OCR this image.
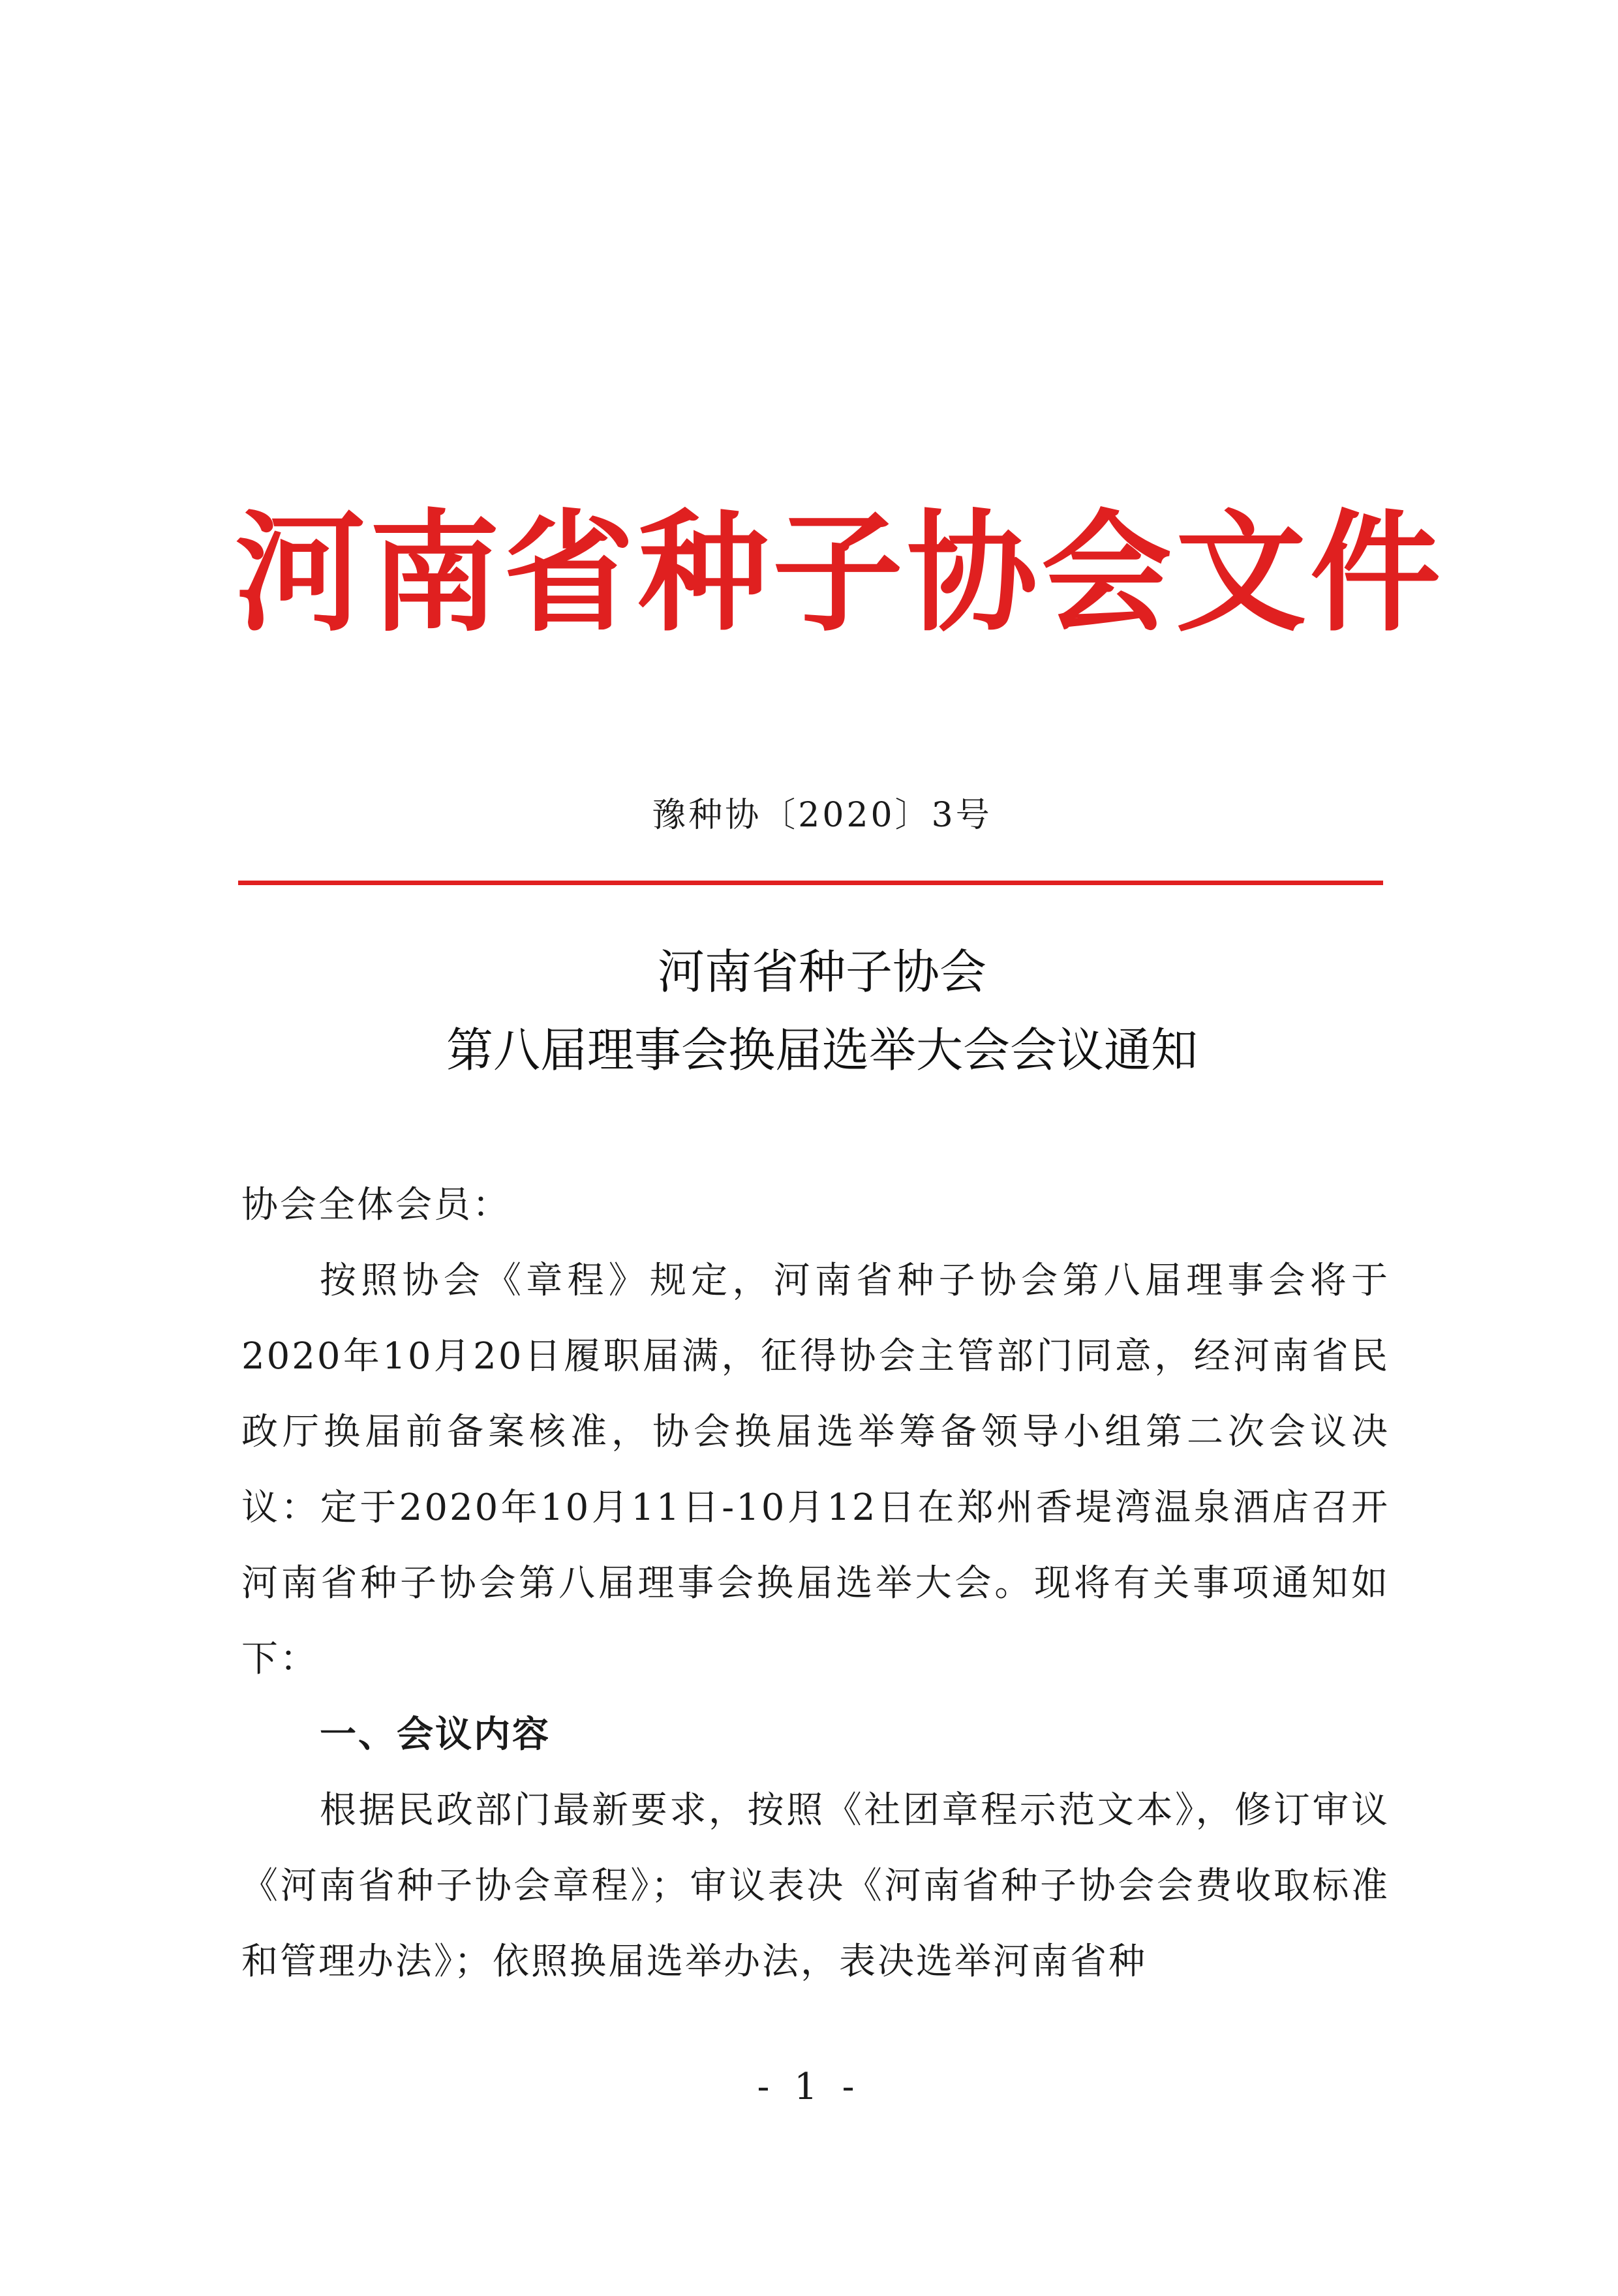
河南省种子协会文件
豫种协〔2020〕3号
河南省种子协会
第八届理事会换届选举大会会议通知

协会全体会员：

按照协会《章程》规定，河南省种子协会第八届理事会将于2020年10月20日履职届满，征得协会主管部门同意，经河南省民政厅换届前备案核准，协会换届选举筹备领导小组第二次会议决议：定于2020年10月11日-10月12日在郑州香堤湾温泉酒店召开河南省种子协会第八届理事会换届选举大会。现将有关事项通知如下：

一、会议内容

根据民政部门最新要求，按照《社团章程示范文本》，修订审议《河南省种子协会章程》；审议表决《河南省种子协会会费收取标准和管理办法》；依照换届选举办法，表决选举河南省种

- 1 -
